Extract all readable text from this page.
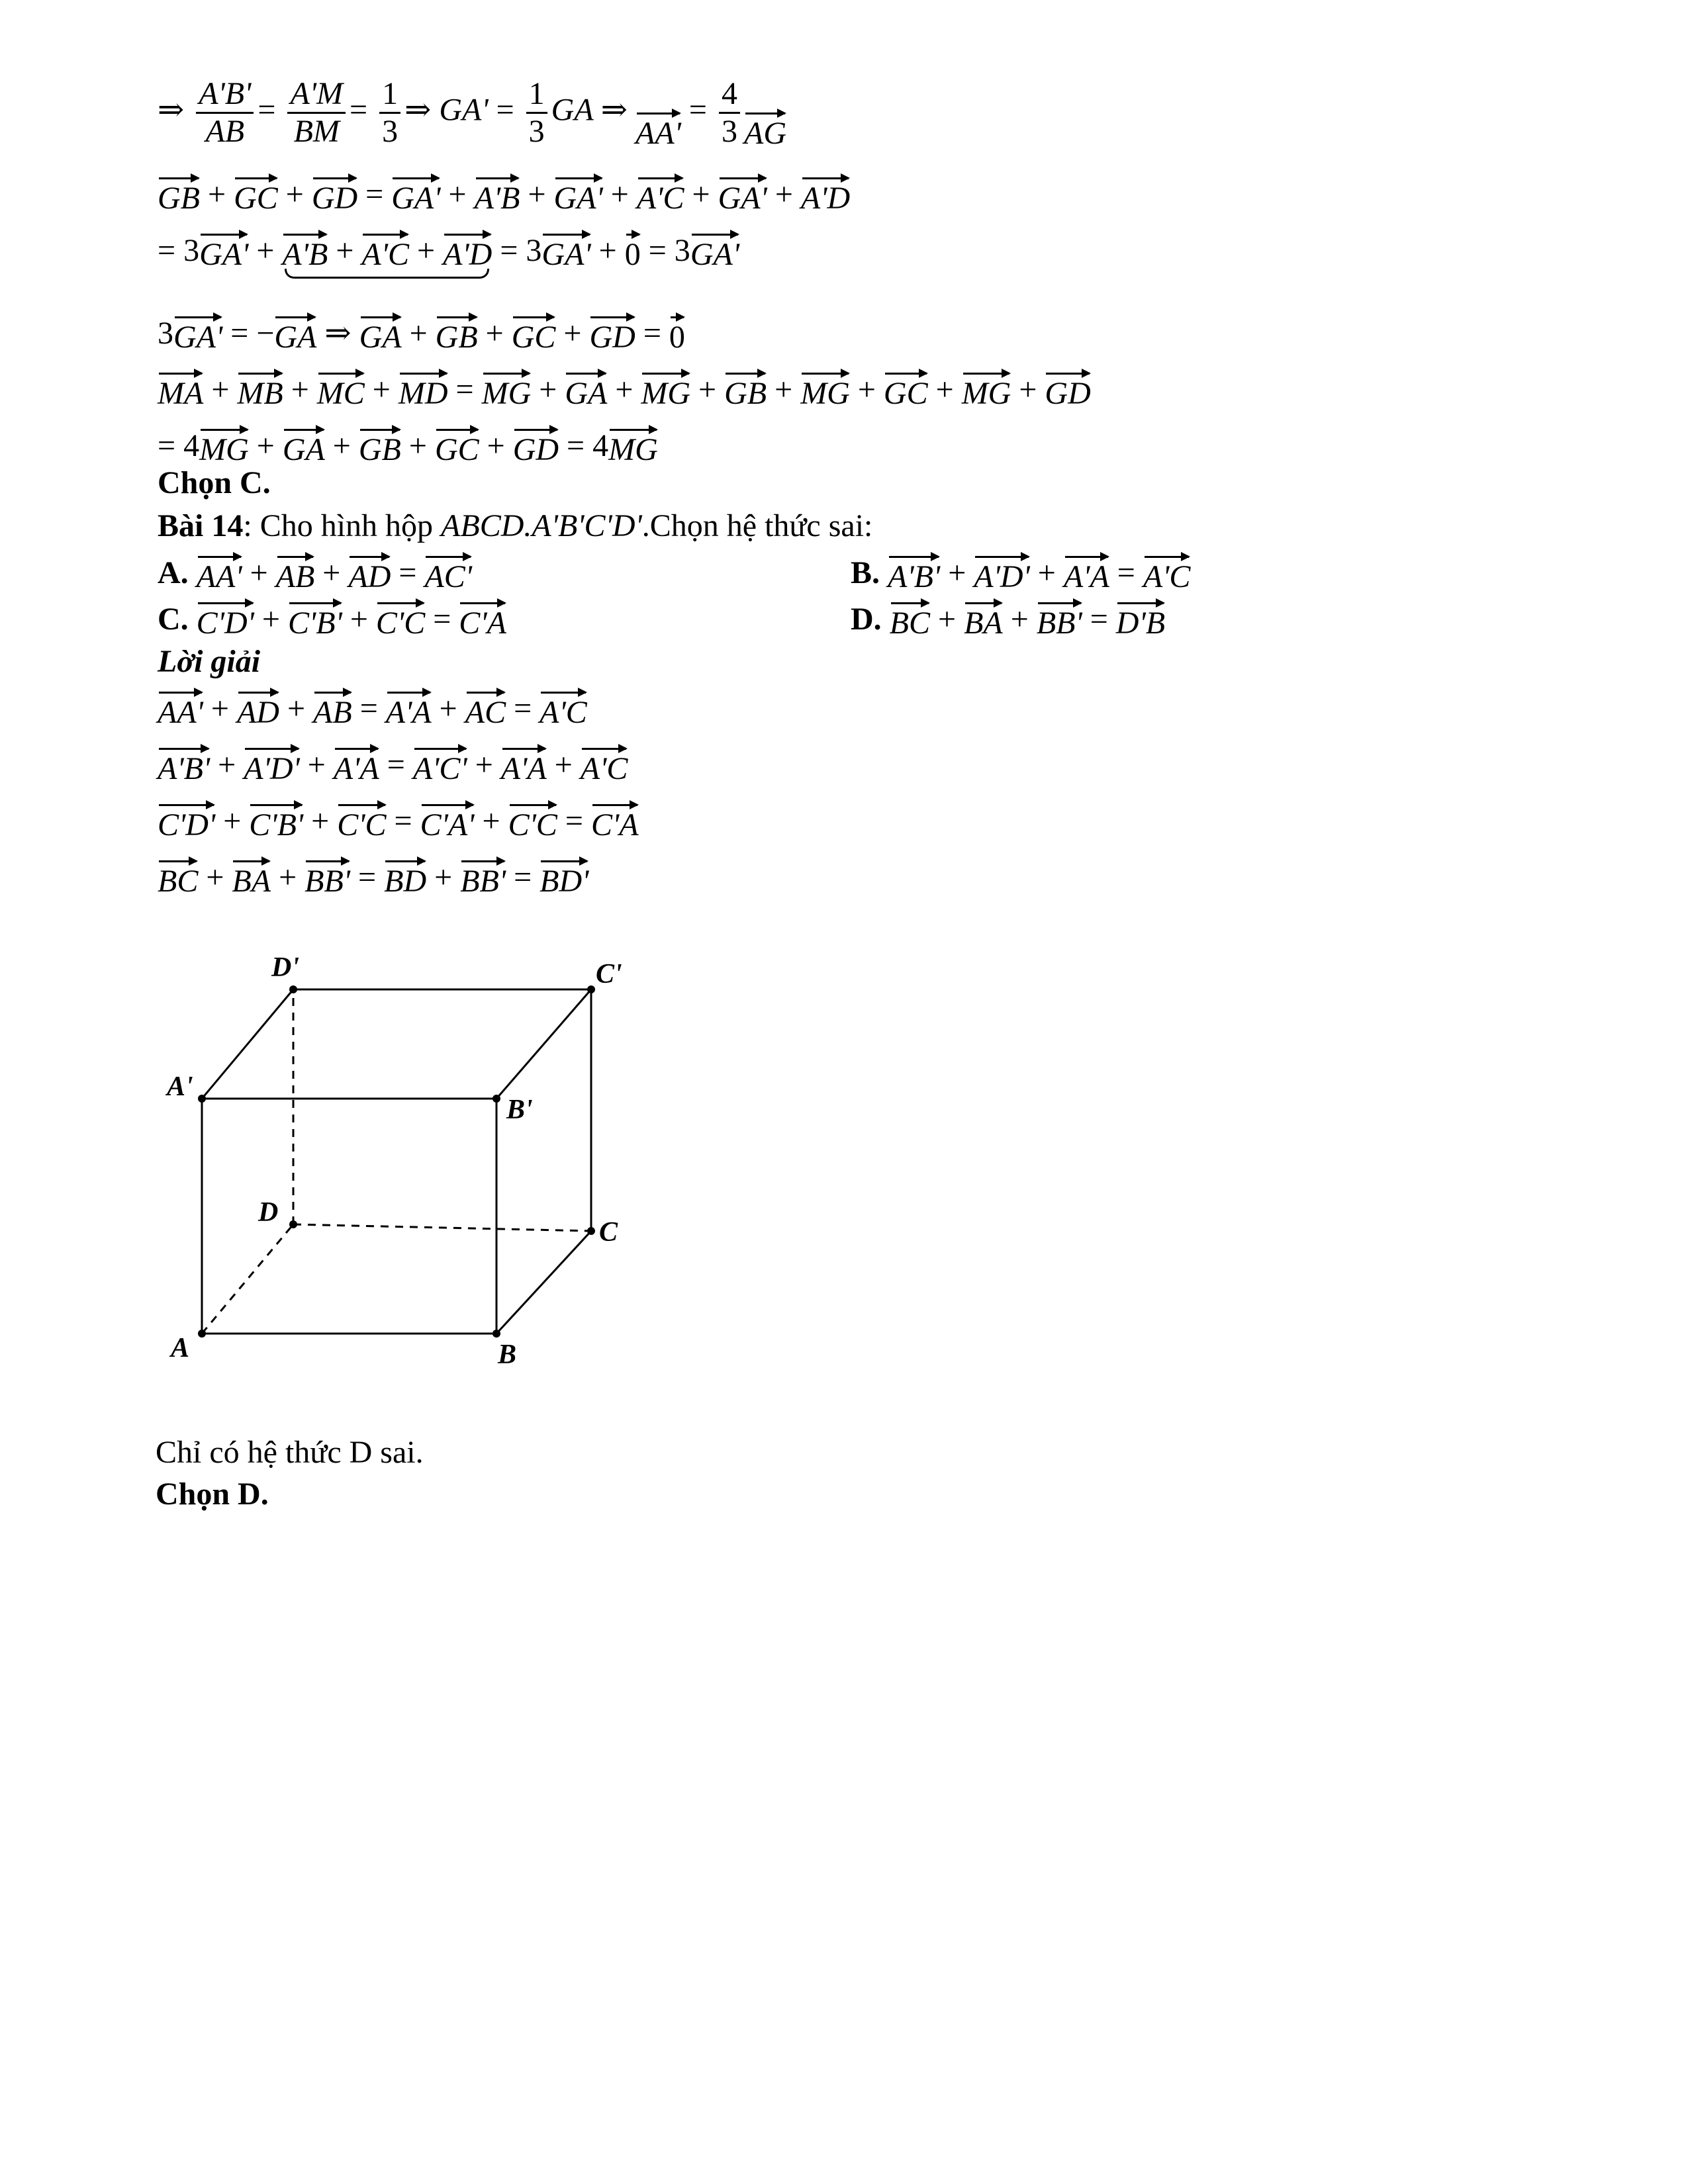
⇒ $\frac{A'B'}{AB} = \frac{A'M}{BM} = \frac{1}{3}$ ⇒ $GA' = \frac{1}{3}$ GA ⇒ $AA' = \frac{4}{3}$ AG
GB + GC + GD = GA' + A'B + GA' + A'C + GA' + A'D
= 3GA' + A'B + A'C + A'D = 3GA' + 0 = 3GA'
3GA' = −GA ⇒ GA + GB + GC + GD = 0
MA + MB + MC + MD = MG + GA + MG + GB + MG + GC + MG + GD
= 4MG + GA + GB + GC + GD = 4MG
Chọn C.
Bài 14: Cho hình hộp ABCD.A'B'C'D'.Chọn hệ thức sai:
A. AA' + AB + AD = AC'	B. A'B' + A'D' + A'A = A'C
C. C'D' + C'B' + C'C = C'A	D. BC + BA + BB' = D'B
Lời giải
AA' + AD + AB = A'A + AC = A'C
A'B' + A'D' + A'A = A'C' + A'A + A'C
C'D' + C'B' + C'C = C'A' + C'C = C'A
BC + BA + BB' = BD + BB' = BD'
A	B
C
D
A'
B'
C'
D'
Chỉ có hệ thức D sai.
Chọn D.
